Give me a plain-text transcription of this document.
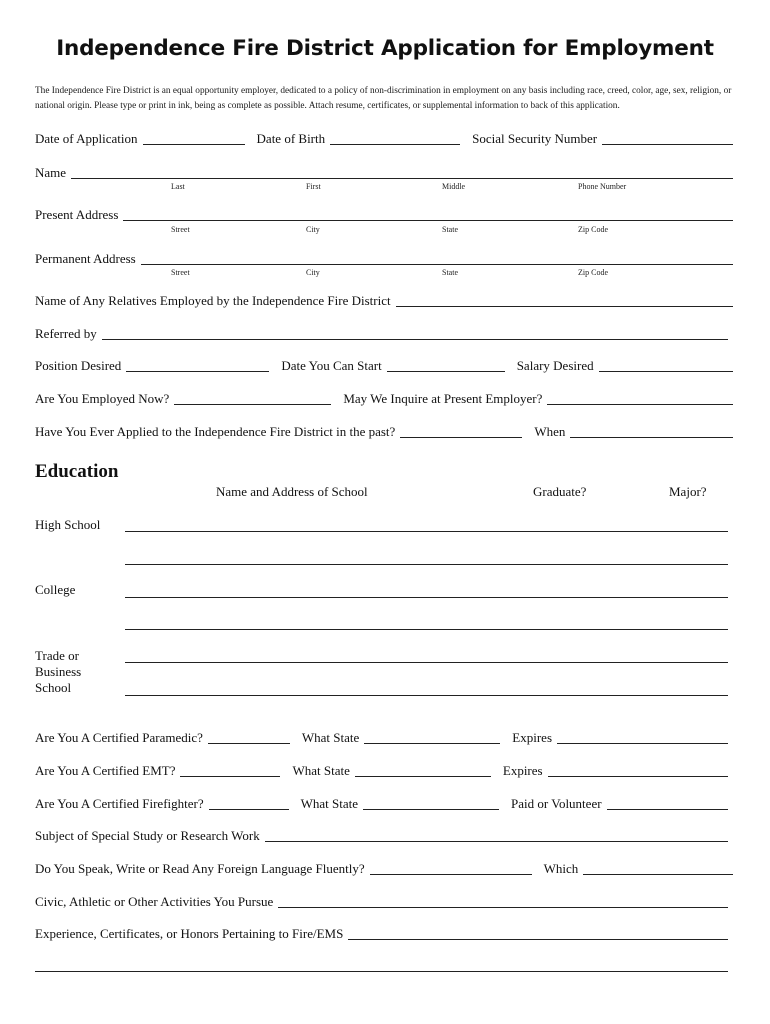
Independence Fire District Application for Employment
The Independence Fire District is an equal opportunity employer, dedicated to a policy of non-discrimination in employment on any basis including race, creed, color, age, sex, religion, or national origin. Please type or print in ink, being as complete as possible. Attach resume, certificates, or supplemental information to back of this application.
Date of Application	Date of Birth	Social Security Number
Name
Last	First	Middle	Phone Number
Present Address
Street	City	State	Zip Code
Permanent Address
Street	City	State	Zip Code
Name of Any Relatives Employed by the Independence Fire District
Referred by
Position Desired	Date You Can Start	Salary Desired
Are You Employed Now?	May We Inquire at Present Employer?
Have You Ever Applied to the Independence Fire District in the past?	When
Education
Name and Address of School	Graduate?	Major?
High School
College
Trade or
Business
School
Are You A Certified Paramedic?	What State	Expires
Are You A Certified EMT?	What State	Expires
Are You A Certified Firefighter?	What State	Paid or Volunteer
Subject of Special Study or Research Work
Do You Speak, Write or Read Any Foreign Language Fluently?	Which
Civic, Athletic or Other Activities You Pursue
Experience, Certificates, or Honors Pertaining to Fire/EMS
